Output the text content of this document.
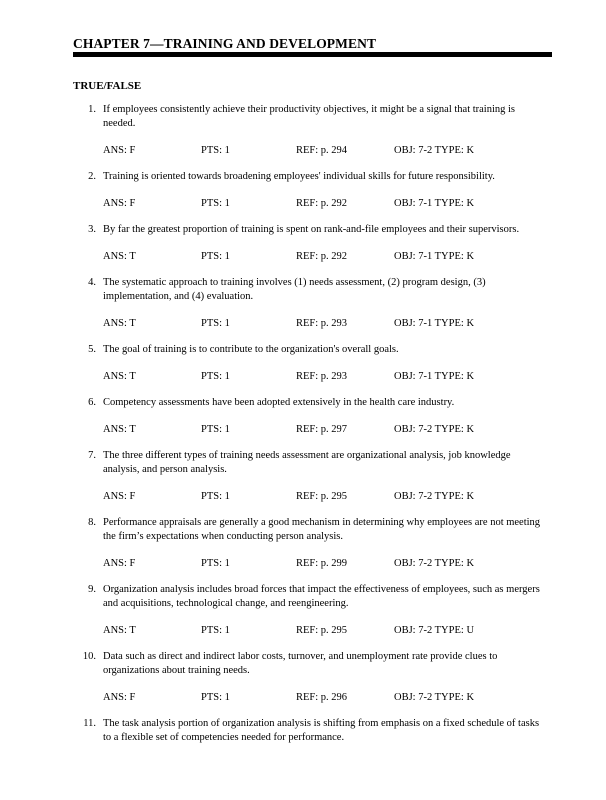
CHAPTER 7—TRAINING AND DEVELOPMENT
TRUE/FALSE
1. If employees consistently achieve their productivity objectives, it might be a signal that training is needed.
ANS: F	PTS: 1	REF: p. 294	OBJ: 7-2 TYPE: K
2. Training is oriented towards broadening employees' individual skills for future responsibility.
ANS: F	PTS: 1	REF: p. 292	OBJ: 7-1 TYPE: K
3. By far the greatest proportion of training is spent on rank-and-file employees and their supervisors.
ANS: T	PTS: 1	REF: p. 292	OBJ: 7-1 TYPE: K
4. The systematic approach to training involves (1) needs assessment, (2) program design, (3) implementation, and (4) evaluation.
ANS: T	PTS: 1	REF: p. 293	OBJ: 7-1 TYPE: K
5. The goal of training is to contribute to the organization's overall goals.
ANS: T	PTS: 1	REF: p. 293	OBJ: 7-1 TYPE: K
6. Competency assessments have been adopted extensively in the health care industry.
ANS: T	PTS: 1	REF: p. 297	OBJ: 7-2 TYPE: K
7. The three different types of training needs assessment are organizational analysis, job knowledge analysis, and person analysis.
ANS: F	PTS: 1	REF: p. 295	OBJ: 7-2 TYPE: K
8. Performance appraisals are generally a good mechanism in determining why employees are not meeting the firm’s expectations when conducting person analysis.
ANS: F	PTS: 1	REF: p. 299	OBJ: 7-2 TYPE: K
9. Organization analysis includes broad forces that impact the effectiveness of employees, such as mergers and acquisitions, technological change, and reengineering.
ANS: T	PTS: 1	REF: p. 295	OBJ: 7-2 TYPE: U
10. Data such as direct and indirect labor costs, turnover, and unemployment rate provide clues to organizations about training needs.
ANS: F	PTS: 1	REF: p. 296	OBJ: 7-2 TYPE: K
11. The task analysis portion of organization analysis is shifting from emphasis on a fixed schedule of tasks to a flexible set of competencies needed for performance.
